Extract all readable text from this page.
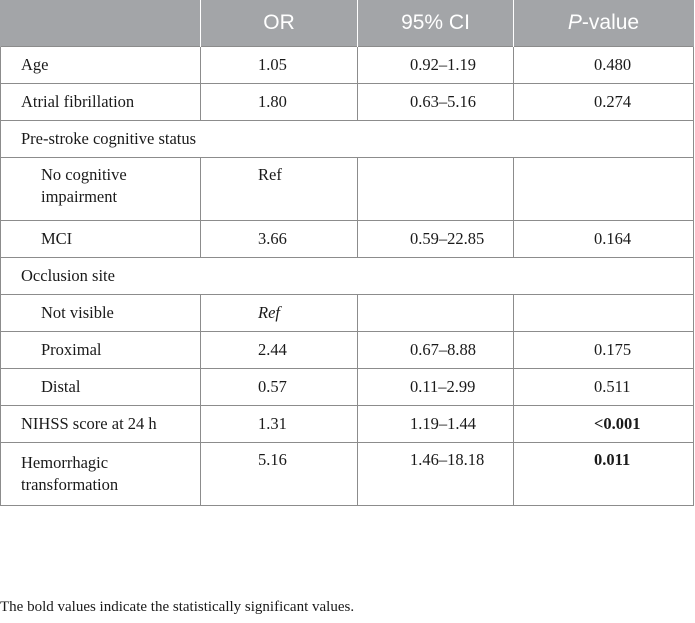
	OR	95% CI	P-value
Age	1.05	0.92–1.19	0.480
Atrial fibrillation	1.80	0.63–5.16	0.274
Pre-stroke cognitive status			
No cognitive
impairment	Ref		
MCI	3.66	0.59–22.85	0.164
Occlusion site			
Not visible	Ref		
Proximal	2.44	0.67–8.88	0.175
Distal	0.57	0.11–2.99	0.511
NIHSS score at 24 h	1.31	1.19–1.44	<0.001
Hemorrhagic
transformation	5.16	1.46–18.18	0.011
The bold values indicate the statistically significant values.
